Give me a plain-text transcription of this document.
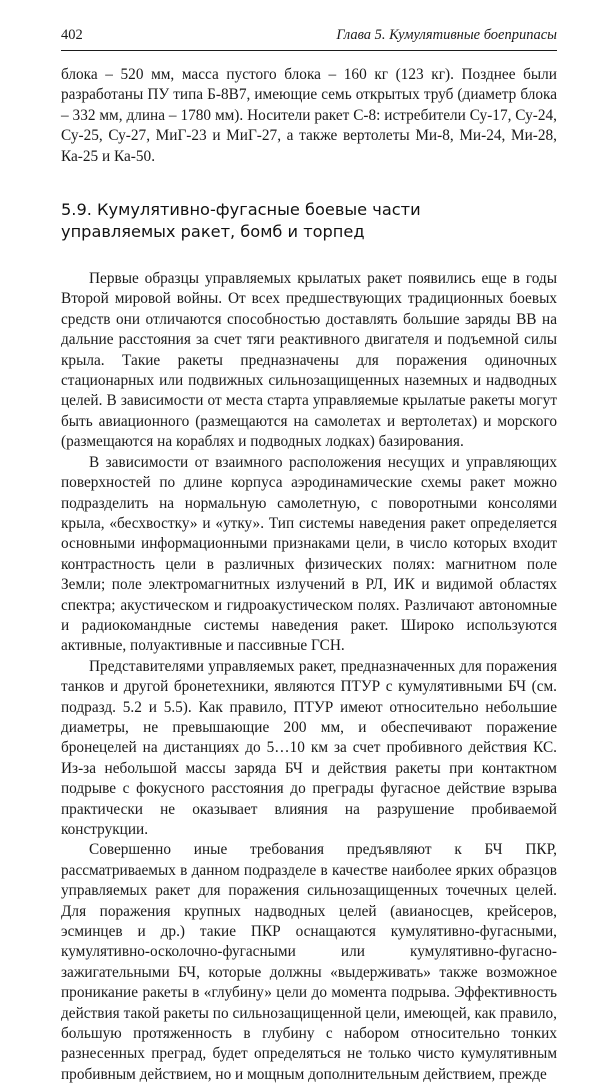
402	Глава 5. Кумулятивные боеприпасы

блока – 520 мм, масса пустого блока – 160 кг (123 кг). Позднее были разработаны ПУ типа Б-8В7, имеющие семь открытых труб (диаметр блока – 332 мм, длина – 1780 мм). Носители ракет С-8: истребители Су-17, Су-24, Су-25, Су-27, МиГ-23 и МиГ-27, а также вертолеты Ми-8, Ми-24, Ми-28, Ка-25 и Ка-50.

5.9. Кумулятивно-фугасные боевые части
управляемых ракет, бомб и торпед

Первые образцы управляемых крылатых ракет появились еще в годы Второй мировой войны. От всех предшествующих традиционных боевых средств они отличаются способностью доставлять большие заряды ВВ на дальние расстояния за счет тяги реактивного двигателя и подъемной силы крыла. Такие ракеты предназначены для поражения одиночных стационарных или подвижных сильнозащищенных наземных и надводных целей. В зависимости от места старта управляемые крылатые ракеты могут быть авиационного (размещаются на самолетах и вертолетах) и морского (размещаются на кораблях и подводных лодках) базирования.

В зависимости от взаимного расположения несущих и управляющих поверхностей по длине корпуса аэродинамические схемы ракет можно подразделить на нормальную самолетную, с поворотными консолями крыла, «бесхвостку» и «утку». Тип системы наведения ракет определяется основными информационными признаками цели, в число которых входит контрастность цели в различных физических полях: магнитном поле Земли; поле электромагнитных излучений в РЛ, ИК и видимой областях спектра; акустическом и гидроакустическом полях. Различают автономные и радиокомандные системы наведения ракет. Широко используются активные, полуактивные и пассивные ГСН.

Представителями управляемых ракет, предназначенных для поражения танков и другой бронетехники, являются ПТУР с кумулятивными БЧ (см. подразд. 5.2 и 5.5). Как правило, ПТУР имеют относительно небольшие диаметры, не превышающие 200 мм, и обеспечивают поражение бронецелей на дистанциях до 5…10 км за счет пробивного действия КС. Из-за небольшой массы заряда БЧ и действия ракеты при контактном подрыве с фокусного расстояния до преграды фугасное действие взрыва практически не оказывает влияния на разрушение пробиваемой конструкции.

Совершенно иные требования предъявляют к БЧ ПКР, рассматриваемых в данном подразделе в качестве наиболее ярких образцов управляемых ракет для поражения сильнозащищенных точечных целей. Для поражения крупных надводных целей (авианосцев, крейсеров, эсминцев и др.) такие ПКР оснащаются кумулятивно-фугасными, кумулятивно-осколочно-фугасными или кумулятивно-фугасно-зажигательными БЧ, которые должны «выдерживать» также возможное проникание ракеты в «глубину» цели до момента подрыва. Эффективность действия такой ракеты по сильнозащищенной цели, имеющей, как правило, большую протяженность в глубину с набором относительно тонких разнесенных преград, будет определяться не только чисто кумулятивным пробивным действием, но и мощным дополнительным действием, прежде
